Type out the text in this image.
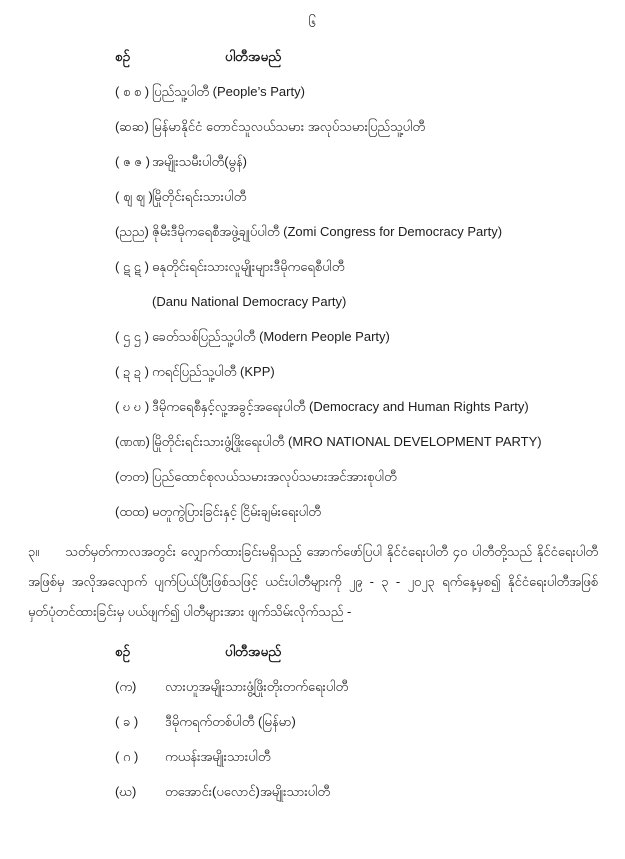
၆
စဉ်	ပါတီအမည်
( စ စ ) ပြည်သူ့ပါတီ (People’s Party)
(ဆဆ) မြန်မာနိုင်ငံ တောင်သူလယ်သမား အလုပ်သမားပြည်သူ့ပါတီ
( ဇ ဇ ) အမျိုးသမီးပါတီ(မွန်)
( ဈ ဈ ) မြိုတိုင်းရင်းသားပါတီ
(ညည) ဇိုမီးဒီမိုကရေစီအဖွဲ့ချုပ်ပါတီ (Zomi Congress for Democracy Party)
( ဋ ဋ ) ဓနုတိုင်းရင်းသားလူမျိုးများဒီမိုကရေစီပါတီ
(Danu National Democracy Party)
( ဌ ဌ ) ခေတ်သစ်ပြည်သူ့ပါတီ (Modern People Party)
( ဍ ဍ ) ကရင်ပြည်သူ့ပါတီ (KPP)
( ဎ ဎ ) ဒီမိုကရေစီနှင့်လူ့အခွင့်အရေးပါတီ (Democracy and Human Rights Party)
(ဏဏ) မြိုတိုင်းရင်းသားဖွံ့ဖြိုးရေးပါတီ (MRO NATIONAL DEVELOPMENT PARTY)
(တတ) ပြည်ထောင်စုလယ်သမားအလုပ်သမားအင်အားစုပါတီ
(ထထ) မတူကွဲပြားခြင်းနှင့် ငြိမ်းချမ်းရေးပါတီ
၃။ သတ်မှတ်ကာလအတွင်း လျှောက်ထားခြင်းမရှိသည့် အောက်ဖော်ပြပါ နိုင်ငံရေးပါတီ ၄၀ ပါတီတို့သည် နိုင်ငံရေးပါတီအဖြစ်မှ အလိုအလျောက် ပျက်ပြယ်ပြီးဖြစ်သဖြင့် ယင်းပါတီများကို ၂၉ - ၃ - ၂၀၂၃ ရက်နေ့မှစ၍ နိုင်ငံရေးပါတီအဖြစ် မှတ်ပုံတင်ထားခြင်းမှ ပယ်ဖျက်၍ ပါတီများအား ဖျက်သိမ်းလိုက်သည် -
စဉ်	ပါတီအမည်
(က)	လားဟူအမျိုးသားဖွံ့ဖြိုးတိုးတက်ရေးပါတီ
( ခ )	ဒီမိုကရက်တစ်ပါတီ (မြန်မာ)
( ဂ )	ကယန်းအမျိုးသားပါတီ
(ဃ)	တအောင်း(ပလောင်)အမျိုးသားပါတီ
